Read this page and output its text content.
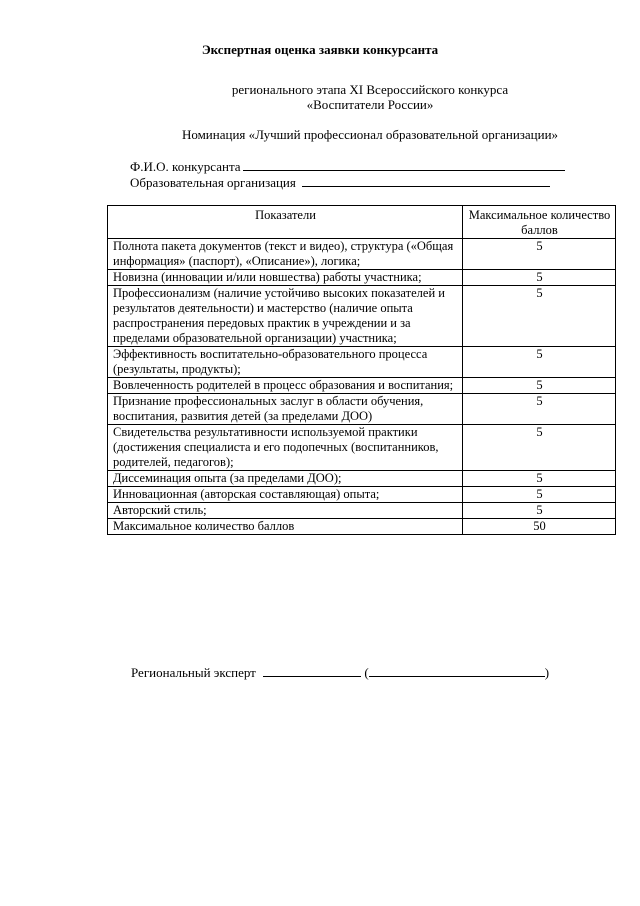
Экспертная оценка заявки конкурсанта
регионального этапа XI Всероссийского конкурса
«Воспитатели России»
Номинация «Лучший профессионал образовательной организации»
Ф.И.О. конкурсанта
Образовательная организация
Показатели	Максимальное количество баллов
Полнота пакета документов (текст и видео), структура («Общая информация» (паспорт), «Описание»), логика;	5
Новизна (инновации и/или новшества) работы участника;	5
Профессионализм (наличие устойчиво высоких показателей и результатов деятельности) и мастерство (наличие опыта распространения передовых практик в учреждении и за пределами образовательной организации) участника;	5
Эффективность воспитательно-образовательного процесса (результаты, продукты);	5
Вовлеченность родителей в процесс образования и воспитания;	5
Признание профессиональных заслуг в области обучения, воспитания, развития детей (за пределами ДОО)	5
Свидетельства результативности используемой практики (достижения специалиста и его подопечных (воспитанников, родителей, педагогов);	5
Диссеминация опыта (за пределами ДОО);	5
Инновационная (авторская составляющая) опыта;	5
Авторский стиль;	5
Максимальное количество баллов	50
Региональный эксперт	(	)
